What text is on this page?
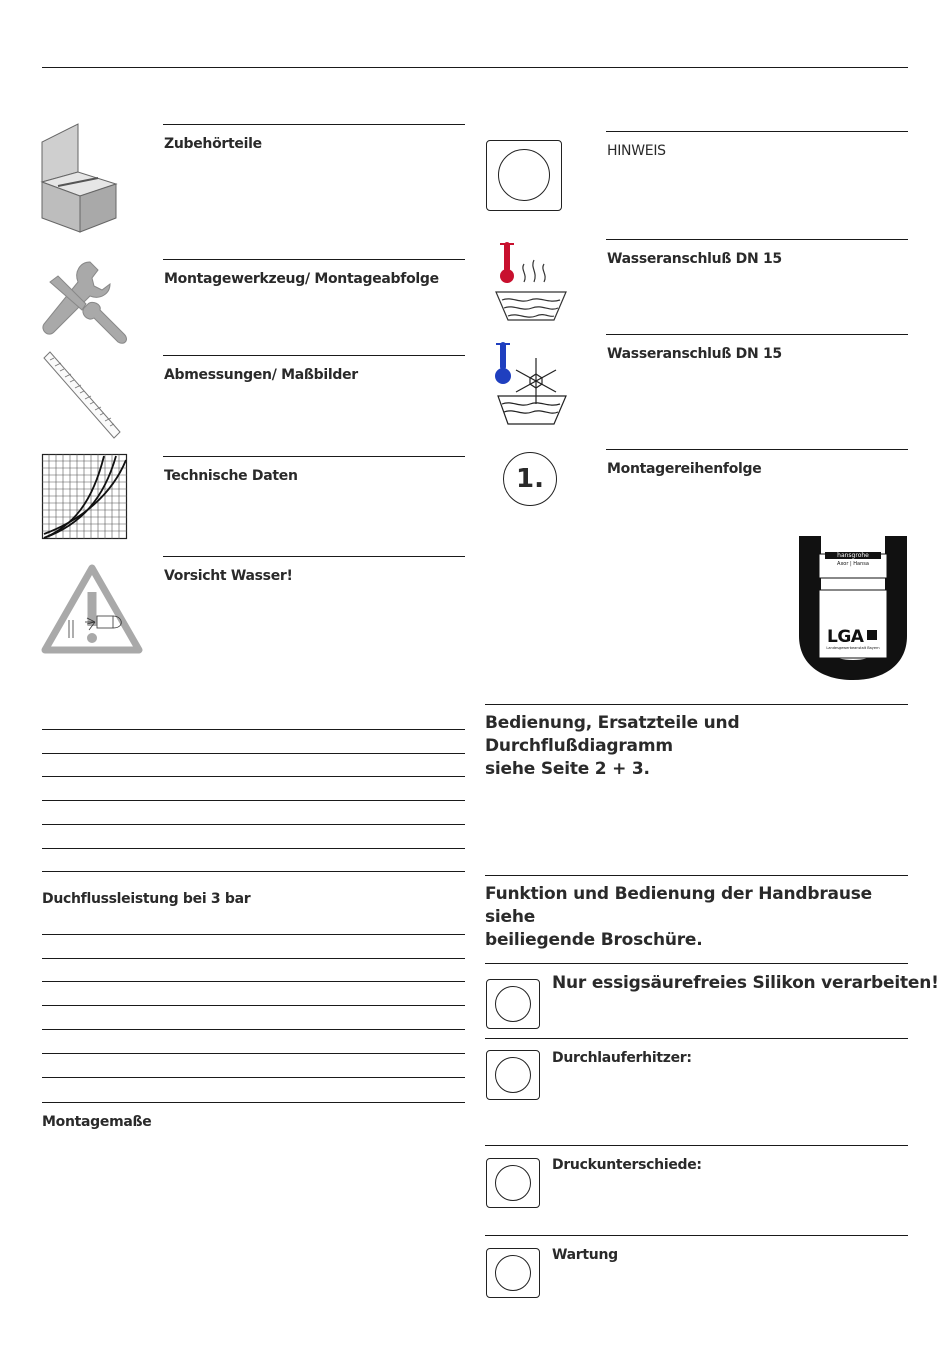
Zubehörteile
Montagewerkzeug/ Montageabfolge
Abmessungen/ Maßbilder
Technische Daten
Vorsicht Wasser!
Duchflussleistung bei 3 bar
Montagemaße
HINWEIS
Wasseranschluß DN 15
Wasseranschluß DN 15
1.	Montagereihenfolge
hansgrohe
Axor | Hansa
LGA
Landesgewerbeanstalt Bayern
Bedienung, Ersatzteile und Durchflußdiagramm
siehe Seite 2 + 3.
Funktion und Bedienung der Handbrause siehe
beiliegende Broschüre.
Nur essigsäurefreies Silikon verarbeiten!
Durchlauferhitzer:
Druckunterschiede:
Wartung
